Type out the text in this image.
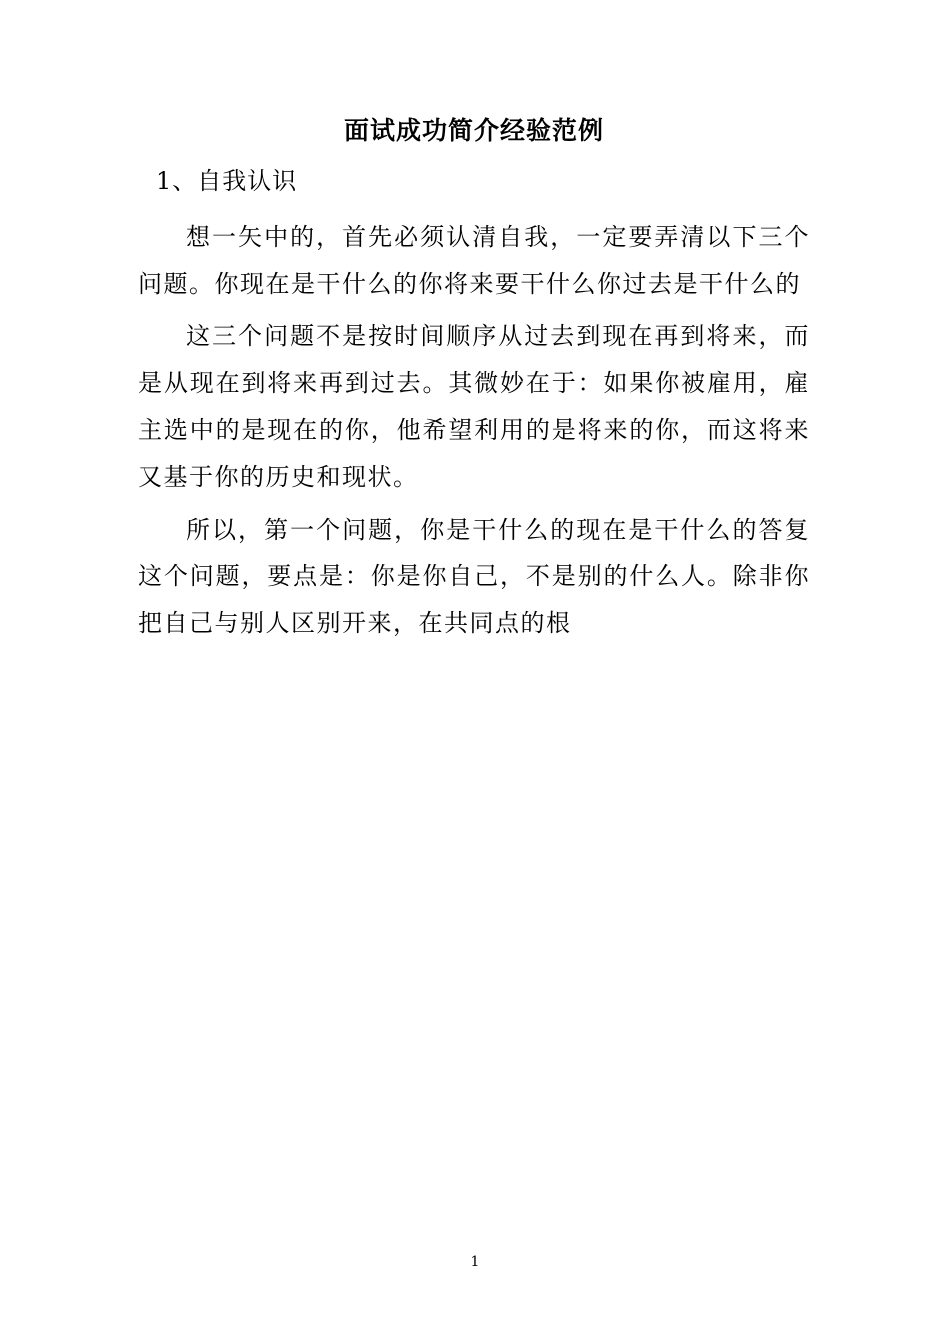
面试成功简介经验范例
1、自我认识

想一矢中的，首先必须认清自我，一定要弄清以下三个问题。你现在是干什么的你将来要干什么你过去是干什么的

这三个问题不是按时间顺序从过去到现在再到将来，而是从现在到将来再到过去。其微妙在于：如果你被雇用，雇主选中的是现在的你，他希望利用的是将来的你，而这将来又基于你的历史和现状。

所以，第一个问题，你是干什么的现在是干什么的答复这个问题，要点是：你是你自己，不是别的什么人。除非你把自己与别人区别开来，在共同点的根

1
